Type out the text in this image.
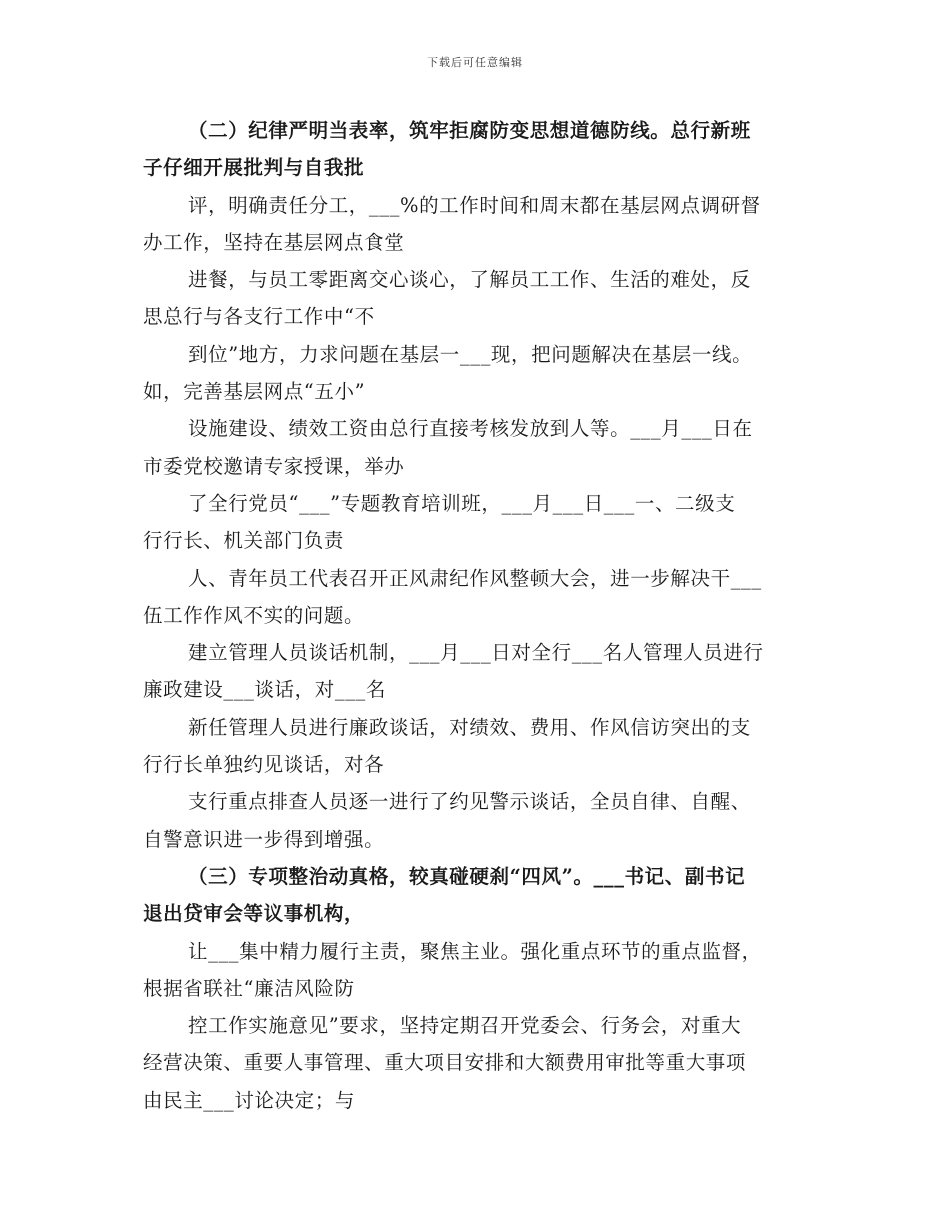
下载后可任意编辑
（二）纪律严明当表率，筑牢拒腐防变思想道德防线。总行新班
子仔细开展批判与自我批
评，明确责任分工，___%的工作时间和周末都在基层网点调研督
办工作，坚持在基层网点食堂
进餐，与员工零距离交心谈心，了解员工工作、生活的难处，反
思总行与各支行工作中“不
到位”地方，力求问题在基层一___现，把问题解决在基层一线。
如，完善基层网点“五小”
设施建设、绩效工资由总行直接考核发放到人等。___月___日在
市委党校邀请专家授课，举办
了全行党员“___”专题教育培训班，___月___日___一、二级支
行行长、机关部门负责
人、青年员工代表召开正风肃纪作风整顿大会，进一步解决干___
伍工作作风不实的问题。
建立管理人员谈话机制，___月___日对全行___名人管理人员进行
廉政建设___谈话，对___名
新任管理人员进行廉政谈话，对绩效、费用、作风信访突出的支
行行长单独约见谈话，对各
支行重点排查人员逐一进行了约见警示谈话，全员自律、自醒、
自警意识进一步得到增强。
（三）专项整治动真格，较真碰硬刹“四风”。___书记、副书记
退出贷审会等议事机构，
让___集中精力履行主责，聚焦主业。强化重点环节的重点监督，
根据省联社“廉洁风险防
控工作实施意见”要求，坚持定期召开党委会、行务会，对重大
经营决策、重要人事管理、重大项目安排和大额费用审批等重大事项
由民主___讨论决定；与
